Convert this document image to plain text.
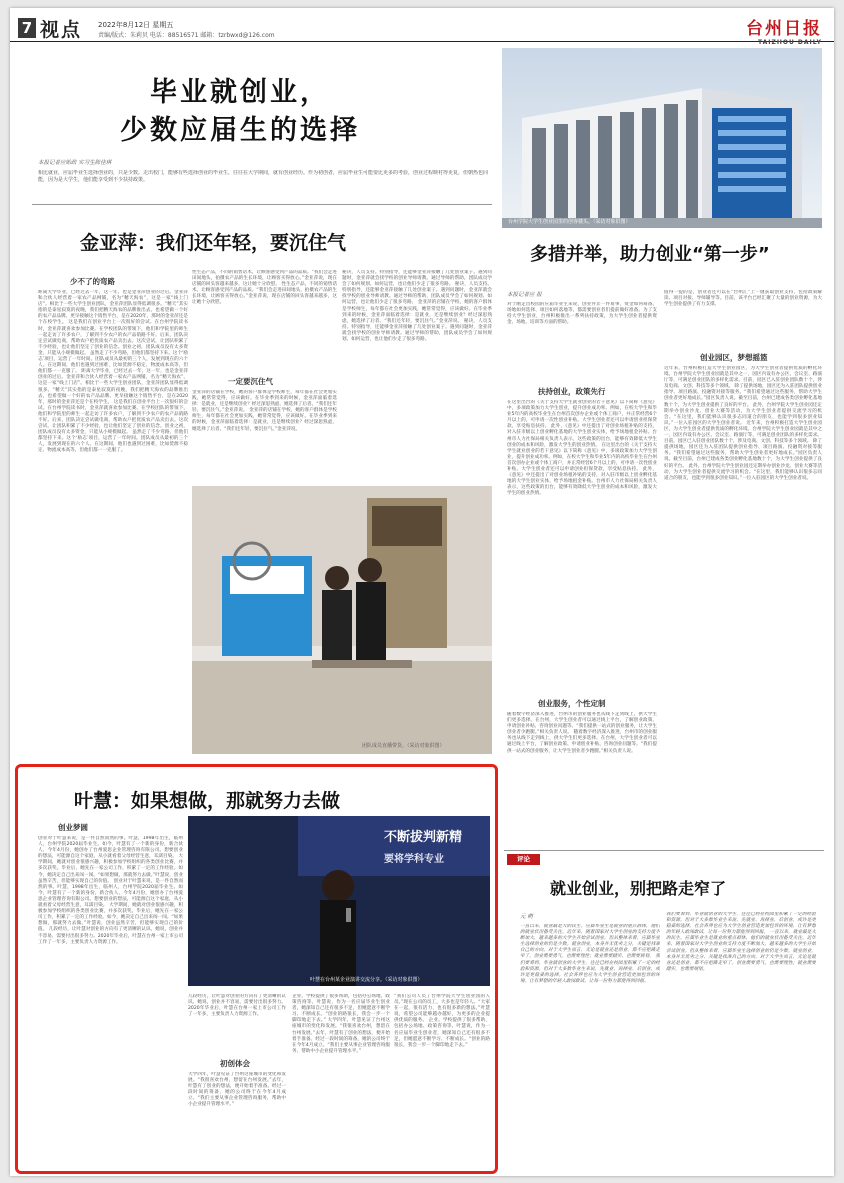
7 视点 2022年8月12日 星期五
责编/版式：朱莉贝 电话：88516571 邮箱：tzrbwxd@126.com	台州日报
TAIZHOU DAILY
毕业就创业，
少数应届生的选择
本报记者应贻政 实习生陈佳琪
相比就业，应届毕业生选择创业的，只是少数。走出校门，能够有些选择创业的毕业生，往往在大学期间，就有创业经历。作为初创者，应届毕业生可能要比更多的考验，创业过程映衬得更复，但朝热也同能，因为是大学生，他们能享受到不少扶持政策。
台州学院大学生创业园里的创客楼头。（采访对象供图）
金亚萍：我们还年轻，要沉住气
少不了的弯路
距离大学毕业，已经过去一年，这一年，也是金亚萍创业的过后。金亚萍和合伙人经营着一家农产品网铺，名为“精天海农”，这是一家“线上门店”。相比于一些大学生创业团队，金亚萍团队显得低调很多。“精天”其实指的是泰星寂寞的夜晚，我们把精天海农的品牌推出去，也希望做一个好的农产品品牌。更早接触这个销售平台，是在2020年，那时的金亚萍还是个在校学生。 这是我们在创业平台上一次很好的尝试。在台州学院读书时，金亚萍就喜欢参加比赛。在学校团队的带领下，他们和学院里的师生一起走访了许多农户，了解到不少农户的农产品销路不好。后来，团队决定尝试做电商，帮助农户把优质农产品卖出去。这次尝试，让团队积累了不少经验，也让他们坚定了创业的信念。创业之初，团队成员没有太多资金，只能从小规模做起。 虽然走了不少弯路，但他们都坚持下来。这个‘励志’项目，运营了一年时间。团队成员从最初的三个人，发展到现在的六个人。在这期间，他们也遇到过困难，比如货源不稳定、物流成本高等，但他们都一一克服了。 距离大学毕业，已经过去一年，这一年，也是金亚萍创业的过后。金亚萍和合伙人经营着一家农产品网铺，名为“精天海农”，这是一家“线上门店”。相比于一些大学生创业团队，金亚萍团队显得低调很多。“精天”其实指的是泰星寂寞的夜晚，我们把精天海农的品牌推出去，也希望做一个好的农产品品牌。更早接触这个销售平台，是在2020年，那时的金亚萍还是个在校学生。 这是我们在创业平台上一次很好的尝试。在台州学院读书时，金亚萍就喜欢参加比赛。在学校团队的带领下，他们和学院里的师生一起走访了许多农户，了解到不少农户的农产品销路不好。后来，团队决定尝试做电商，帮助农户把优质农产品卖出去。这次尝试，让团队积累了不少经验，也让他们坚定了创业的信念。创业之初，团队成员没有太多资金，只能从小规模做起。 虽然走了不少弯路，但他们都坚持下来。这个‘励志’项目，运营了一年时间。团队成员从最初的三个人，发展到现在的六个人。在这期间，他们也遇到过困难，比如货源不稳定、物流成本高等，但他们都一一克服了。
性生态产品，不同的销售话术，让顾客感受到产品的品质。“我们会走进田间地头，拍摄农产品的生长环境，让顾客买得放心。”金亚萍说，现在店铺的回头客越来越多，这让她十分欣慰。 性生态产品，不同的销售话术，让顾客感受到产品的品质。“我们会走进田间地头，拍摄农产品的生长环境，让顾客买得放心。”金亚萍说，现在店铺的回头客越来越多，这让她十分欣慰。
一定要沉住气
金亚萍的店铺在学校，她的客户群体是学校师生，每年都在社会更加实践，她常常觉得，应该做好。在毕业季到来的时候，金亚萍面临着选择：是就业，还是继续创业？经过深思熟虑，她选择了后者。“我们还年轻，要沉住气。”金亚萍说。 金亚萍的店铺在学校，她的客户群体是学校师生，每年都在社会更加实践，她常常觉得，应该做好。在毕业季到来的时候，金亚萍面临着选择：是就业，还是继续创业？经过深思熟虑，她选择了后者。“我们还年轻，要沉住气。”金亚萍说。
秘诀，人员支持。特别指导，还能够金亚萍接触了几处创业案子。遇到问题时，金亚萍就会找学校的创业导师请教。通过导师的帮助，团队成员学会了如何规划、如何运营，也让他们少走了很多弯路。 秘诀，人员支持。特别指导，还能够金亚萍接触了几处创业案子。遇到问题时，金亚萍就会找学校的创业导师请教。通过导师的帮助，团队成员学会了如何规划、如何运营，也让他们少走了很多弯路。 金亚萍的店铺在学校，她的客户群体是学校师生，每年都在社会更加实践，她常常觉得，应该做好。在毕业季到来的时候，金亚萍面临着选择：是就业，还是继续创业？经过深思熟虑，她选择了后者。“我们还年轻，要沉住气。”金亚萍说。 秘诀，人员支持。特别指导，还能够金亚萍接触了几处创业案子。遇到问题时，金亚萍就会找学校的创业导师请教。通过导师的帮助，团队成员学会了如何规划、如何运营，也让他们少走了很多弯路。
团队成员直播带货。（采访对象供图）
叶慧：如果想做，那就努力去做
创业梦圆
创业对于叶慧来说，是一件自然而然的事。叶慧，1998年出生，临州人，台州学院2020届毕业生。如今，叶慧有了一个新的身份，新合伙人、今年4月份，她创办了台州爱思企业管理咨询有限公司。想要创业的想法，可能源自这个家庭，从小就看着父母经营生意，耳濡目染。 大学期间，她就对创业很感兴趣，积极参加学校组织的各类创业比赛，并多次获奖。毕业后，她先在一家公司工作，积累了一定的工作经验。如今，她决定自己出来闯一闯。“如果想做，那就努力去做。”叶慧说，创业虽然辛苦，但能够实现自己的价值。 创业对于叶慧来说，是一件自然而然的事。叶慧，1998年出生，临州人，台州学院2020届毕业生。如今，叶慧有了一个新的身份，新合伙人、今年4月份，她创办了台州爱思企业管理咨询有限公司。想要创业的想法，可能源自这个家庭，从小就看着父母经营生意，耳濡目染。 大学期间，她就对创业很感兴趣，积极参加学校组织的各类创业比赛，并多次获奖。毕业后，她先在一家公司工作，积累了一定的工作经验。如今，她决定自己出来闯一闯。“如果想做，那就努力去做。”叶慧说，创业虽然辛苦，但能够实现自己的价值。 几段经历，让叶慧对创业的方向有了更清晰的认识。她说，创业并不容易，需要付出很多努力。2020年毕业后，叶慧在台州一家上市公司工作了一年多，主要负责人力资源工作。
不断拔判新精
要将学科专业
叶慧在台州某企业演讲交流分享。（采访对象供图）
几段经历，让叶慧对创业的方向有了更清晰的认识。她说，创业并不容易，需要付出很多努力。2020年毕业后，叶慧在台州一家上市公司工作了一年多，主要负责人力资源工作。
初创体会
大学四年，叶慧见证了台州这座城市的变化和发展。“我很喜欢台州，想留在台州发展。”去年，叶慧有了创业的想法，便开始着手准备。经过一段时间的筹备，她的公司终于在今年4月成立。“我们主要从事企业管理咨询服务，帮助中小企业提升管理水平。”
企业。学校提供了很多帮助，包括办公场地、政策咨询等。叶慧说，作为一名应届毕业生创业者，她深知自己还有很多不足，但她愿意不断学习、不断成长。“创业的路很长，我会一步一个脚印地走下去。” 大学四年，叶慧见证了台州这座城市的变化和发展。“我很喜欢台州，想留在台州发展。”去年，叶慧有了创业的想法，便开始着手准备。经过一段时间的筹备，她的公司终于在今年4月成立。“我们主要从事企业管理咨询服务，帮助中小企业提升管理水平。”
“我们公司人员了台州学院大学生创业园的人员。”现在公司的员工，大多也是年轻人。“大家在一起，很有活力，也有很多新的想法。”叶慧说，希望公司能够越办越好，为更多的企业提供优质的服务。 企业。学校提供了很多帮助，包括办公场地、政策咨询等。叶慧说，作为一名应届毕业生创业者，她深知自己还有很多不足，但她愿意不断学习、不断成长。“创业的路很长，我会一步一个脚印地走下去。”
多措并举，助力创业“第一步”
本报记者应 报
对于刚走出校园的应届毕业生来说，创业并非一件易事，资金如何筹备、场地如何选择、项目如何落地等，都需要创业者们提前做好准备。为了支持大学生创业，台州积极推出一系列扶持政策，为大学生创业者提供资金、场地、培训等方面的帮助。
扶持创业，政策先行
在这里出台的《关于支持大学生就业创业的若干意见》以下简称《意见》中，多项政策加力大学生创业，提升创业成功率。例如，在校大学生和毕业5年内的高校毕业生在台州首次创办企业或个体工商户，并正常经营6个月以上的，可申请一次性创业补贴。大学生创业者还可以申请创业担保贷款，享受贴息扶持。 此外，《意见》中还提出了对创业场租补贴的支持，对入驻市级以上创业孵化基地的大学生创业实体，给予场地租金补贴。台州市人力社保局相关负责人表示，这些政策的出台，能够有效降低大学生创业的成本和风险，激发大学生的创业热情。 在这里出台的《关于支持大学生就业创业的若干意见》以下简称《意见》中，多项政策加力大学生创业，提升创业成功率。例如，在校大学生和毕业5年内的高校毕业生在台州首次创办企业或个体工商户，并正常经营6个月以上的，可申请一次性创业补贴。大学生创业者还可以申请创业担保贷款，享受贴息扶持。 此外，《意见》中还提出了对创业场租补贴的支持，对入驻市级以上创业孵化基地的大学生创业实体，给予场地租金补贴。台州市人力社保局相关负责人表示，这些政策的出台，能够有效降低大学生创业的成本和风险，激发大学生的创业热情。
创业服务，个性定制
随着数字经济深入推进，台州市的创业服务也从线下走到线上，供大学生们更多选择。在台州，大学生创业者可以通过线上平台，了解创业政策、申请创业补贴、咨询创业问题等。“我们提供一站式的创业服务，让大学生创业者少跑腿。”相关负责人说。 随着数字经济深入推进，台州市的创业服务也从线下走到线上，供大学生们更多选择。在台州，大学生创业者可以通过线上平台，了解创业政策、申请创业补贴、咨询创业问题等。“我们提供一站式的创业服务，让大学生创业者少跑腿。”相关负责人说。
值得一提的是，创业者还可以在“台州汇”上一键获取创业支持，包括政策解读、项目对接、导师辅导等。目前，该平台已经汇聚了大量的创业资源，为大学生创业提供了有力支撑。
创业园区，梦想摇篮
近年来，台州积极打造大学生创业园区，为大学生创业者提供优质的孵化环境。台州学院大学生创业园就是其中之一，园区内设有办公区、会议室、路演厅等，可满足创业团队的多样化需求。目前，园区已入驻创业团队数十个，涉及电商、文创、科技等多个领域。 除了提供场地，园区还为入驻团队提供创业指导、项目路演、投融资对接等服务。“我们希望通过这些服务，帮助大学生创业者更好地成长。”园区负责人说。截至目前，台州已建成各类创业孵化基地数十个，为大学生创业提供了良好的平台。 此外，台州学院大学生创业园还定期举办创业沙龙、创业大赛等活动，为大学生创业者提供交流学习的机会。“在这里，我们能够认识很多志同道合的朋友，也能学到很多创业知识。”一位入驻园区的大学生创业者说。 近年来，台州积极打造大学生创业园区，为大学生创业者提供优质的孵化环境。台州学院大学生创业园就是其中之一，园区内设有办公区、会议室、路演厅等，可满足创业团队的多样化需求。目前，园区已入驻创业团队数十个，涉及电商、文创、科技等多个领域。 除了提供场地，园区还为入驻团队提供创业指导、项目路演、投融资对接等服务。“我们希望通过这些服务，帮助大学生创业者更好地成长。”园区负责人说。截至目前，台州已建成各类创业孵化基地数十个，为大学生创业提供了良好的平台。 此外，台州学院大学生创业园还定期举办创业沙龙、创业大赛等活动，为大学生创业者提供交流学习的机会。“在这里，我们能够认识很多志同道合的朋友，也能学到很多创业知识。”一位入驻园区的大学生创业者说。
评论
就业创业，别把路走窄了
元 萌
一直以来，就业最是大的民生。应届毕业生是就业的重点群体，他们的就业状况备受关注。近年来，随着国家对大学生创业的支持力度不断加大，越来越多的大学生开始尝试创业。但从整体来看，应届毕业生选择创业的仍是少数。就业创业，本身并无优劣之分，关键是找准自己的方向。对于大学生而言，无论是就业还是创业，都不应把路走窄了。创业需要勇气，也需要理性；就业需要踏实，也需要规划。 我们要看到，毕业就创业的大学生，往往已经在校园里积累了一定的经验和资源。但对于大多数毕业生来说，先就业、再择业、后创业，或许是更稳妥的选择。社会各界也应为大学生创业营造更加包容的环境，让有梦想的年轻人敢闯敢试，让每一份努力都能得到回报。
我们要看到，毕业就创业的大学生，往往已经在校园里积累了一定的经验和资源。但对于大多数毕业生来说，先就业、再择业、后创业，或许是更稳妥的选择。社会各界也应为大学生创业营造更加包容的环境，让有梦想的年轻人敢闯敢试，让每一份努力都能得到回报。 一直以来，就业最是大的民生。应届毕业生是就业的重点群体，他们的就业状况备受关注。近年来，随着国家对大学生创业的支持力度不断加大，越来越多的大学生开始尝试创业。但从整体来看，应届毕业生选择创业的仍是少数。就业创业，本身并无优劣之分，关键是找准自己的方向。对于大学生而言，无论是就业还是创业，都不应把路走窄了。创业需要勇气，也需要理性；就业需要踏实，也需要规划。
